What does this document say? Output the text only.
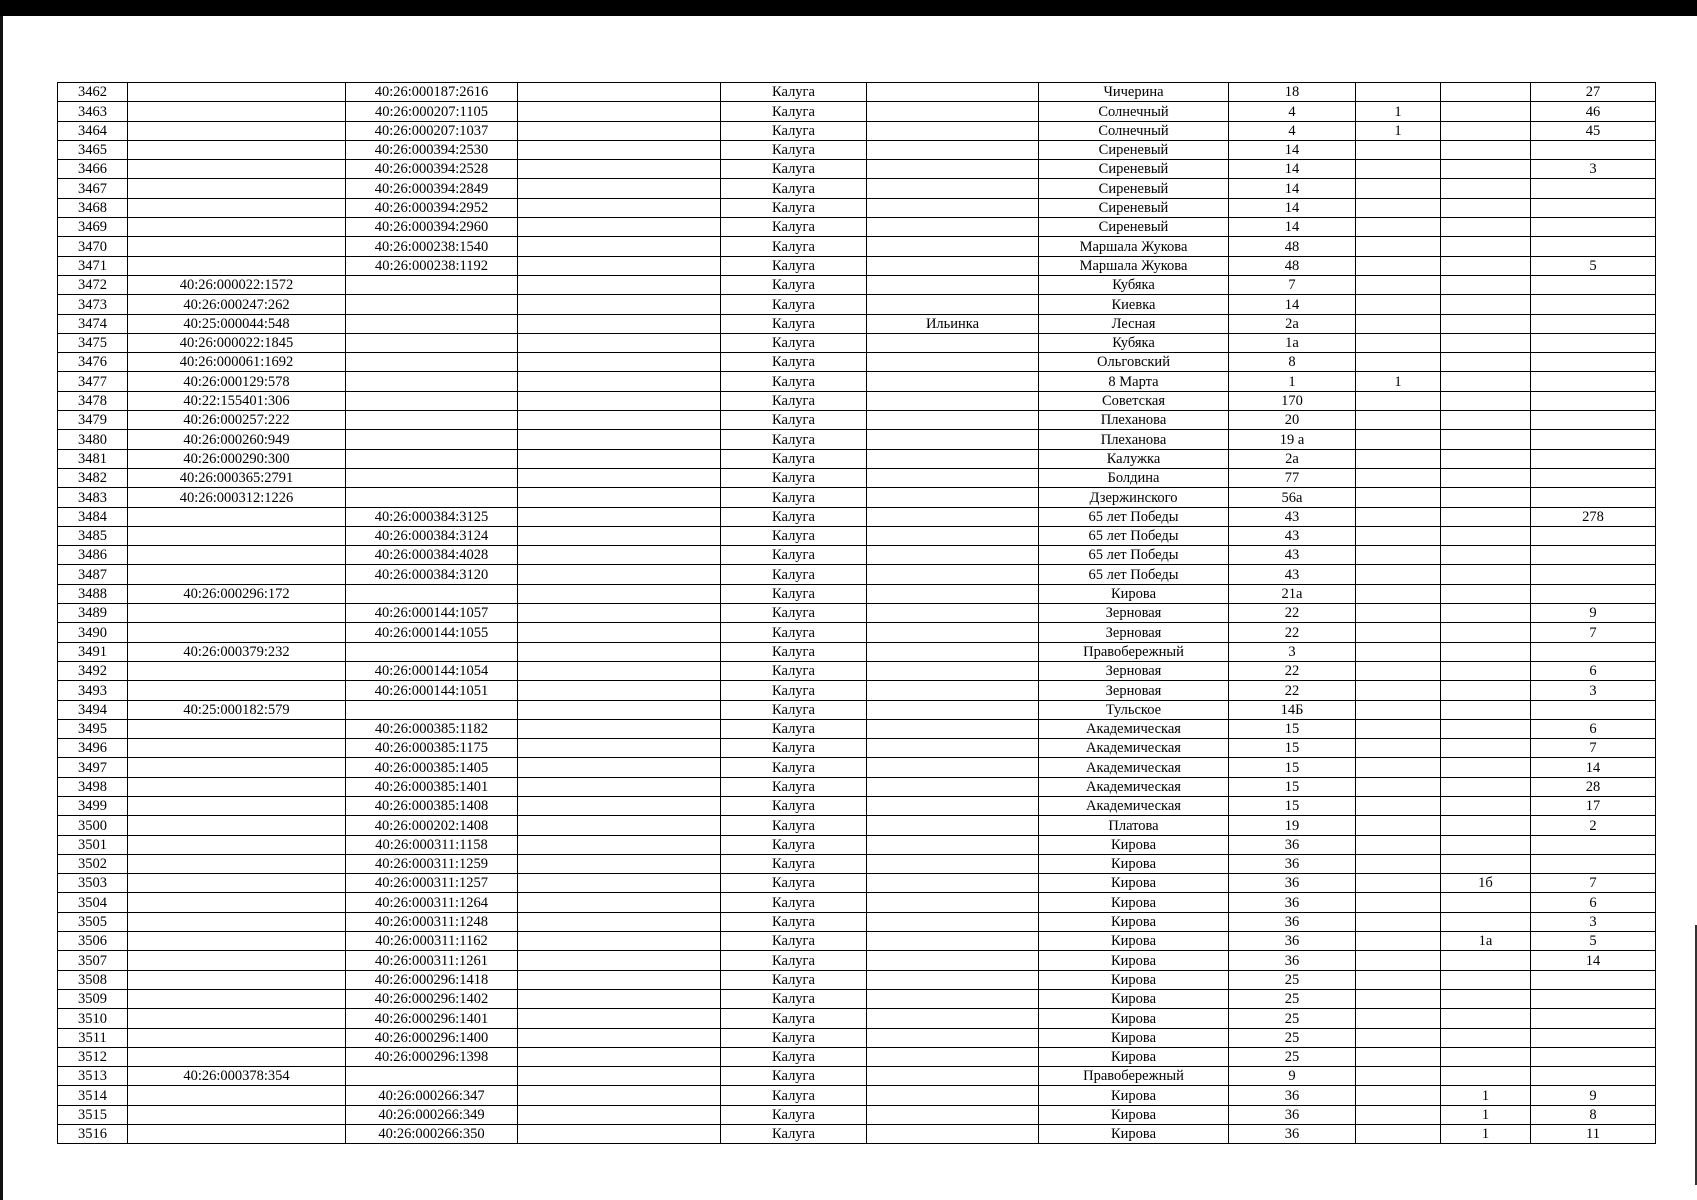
3462		40:26:000187:2616		Калуга		Чичерина	18			27
3463		40:26:000207:1105		Калуга		Солнечный	4	1		46
3464		40:26:000207:1037		Калуга		Солнечный	4	1		45
3465		40:26:000394:2530		Калуга		Сиреневый	14			
3466		40:26:000394:2528		Калуга		Сиреневый	14			3
3467		40:26:000394:2849		Калуга		Сиреневый	14			
3468		40:26:000394:2952		Калуга		Сиреневый	14			
3469		40:26:000394:2960		Калуга		Сиреневый	14			
3470		40:26:000238:1540		Калуга		Маршала Жукова	48			
3471		40:26:000238:1192		Калуга		Маршала Жукова	48			5
3472	40:26:000022:1572			Калуга		Кубяка	7			
3473	40:26:000247:262			Калуга		Киевка	14			
3474	40:25:000044:548			Калуга	Ильинка	Лесная	2а			
3475	40:26:000022:1845			Калуга		Кубяка	1а			
3476	40:26:000061:1692			Калуга		Ольговский	8			
3477	40:26:000129:578			Калуга		8 Марта	1	1		
3478	40:22:155401:306			Калуга		Советская	170			
3479	40:26:000257:222			Калуга		Плеханова	20			
3480	40:26:000260:949			Калуга		Плеханова	19 а			
3481	40:26:000290:300			Калуга		Калужка	2а			
3482	40:26:000365:2791			Калуга		Болдина	77			
3483	40:26:000312:1226			Калуга		Дзержинского	56а			
3484		40:26:000384:3125		Калуга		65 лет Победы	43			278
3485		40:26:000384:3124		Калуга		65 лет Победы	43			
3486		40:26:000384:4028		Калуга		65 лет Победы	43			
3487		40:26:000384:3120		Калуга		65 лет Победы	43			
3488	40:26:000296:172			Калуга		Кирова	21а			
3489		40:26:000144:1057		Калуга		Зерновая	22			9
3490		40:26:000144:1055		Калуга		Зерновая	22			7
3491	40:26:000379:232			Калуга		Правобережный	3			
3492		40:26:000144:1054		Калуга		Зерновая	22			6
3493		40:26:000144:1051		Калуга		Зерновая	22			3
3494	40:25:000182:579			Калуга		Тульское	14Б			
3495		40:26:000385:1182		Калуга		Академическая	15			6
3496		40:26:000385:1175		Калуга		Академическая	15			7
3497		40:26:000385:1405		Калуга		Академическая	15			14
3498		40:26:000385:1401		Калуга		Академическая	15			28
3499		40:26:000385:1408		Калуга		Академическая	15			17
3500		40:26:000202:1408		Калуга		Платова	19			2
3501		40:26:000311:1158		Калуга		Кирова	36			
3502		40:26:000311:1259		Калуга		Кирова	36			
3503		40:26:000311:1257		Калуга		Кирова	36		1б	7
3504		40:26:000311:1264		Калуга		Кирова	36			6
3505		40:26:000311:1248		Калуга		Кирова	36			3
3506		40:26:000311:1162		Калуга		Кирова	36		1а	5
3507		40:26:000311:1261		Калуга		Кирова	36			14
3508		40:26:000296:1418		Калуга		Кирова	25			
3509		40:26:000296:1402		Калуга		Кирова	25			
3510		40:26:000296:1401		Калуга		Кирова	25			
3511		40:26:000296:1400		Калуга		Кирова	25			
3512		40:26:000296:1398		Калуга		Кирова	25			
3513	40:26:000378:354			Калуга		Правобережный	9			
3514		40:26:000266:347		Калуга		Кирова	36		1	9
3515		40:26:000266:349		Калуга		Кирова	36		1	8
3516		40:26:000266:350		Калуга		Кирова	36		1	11
